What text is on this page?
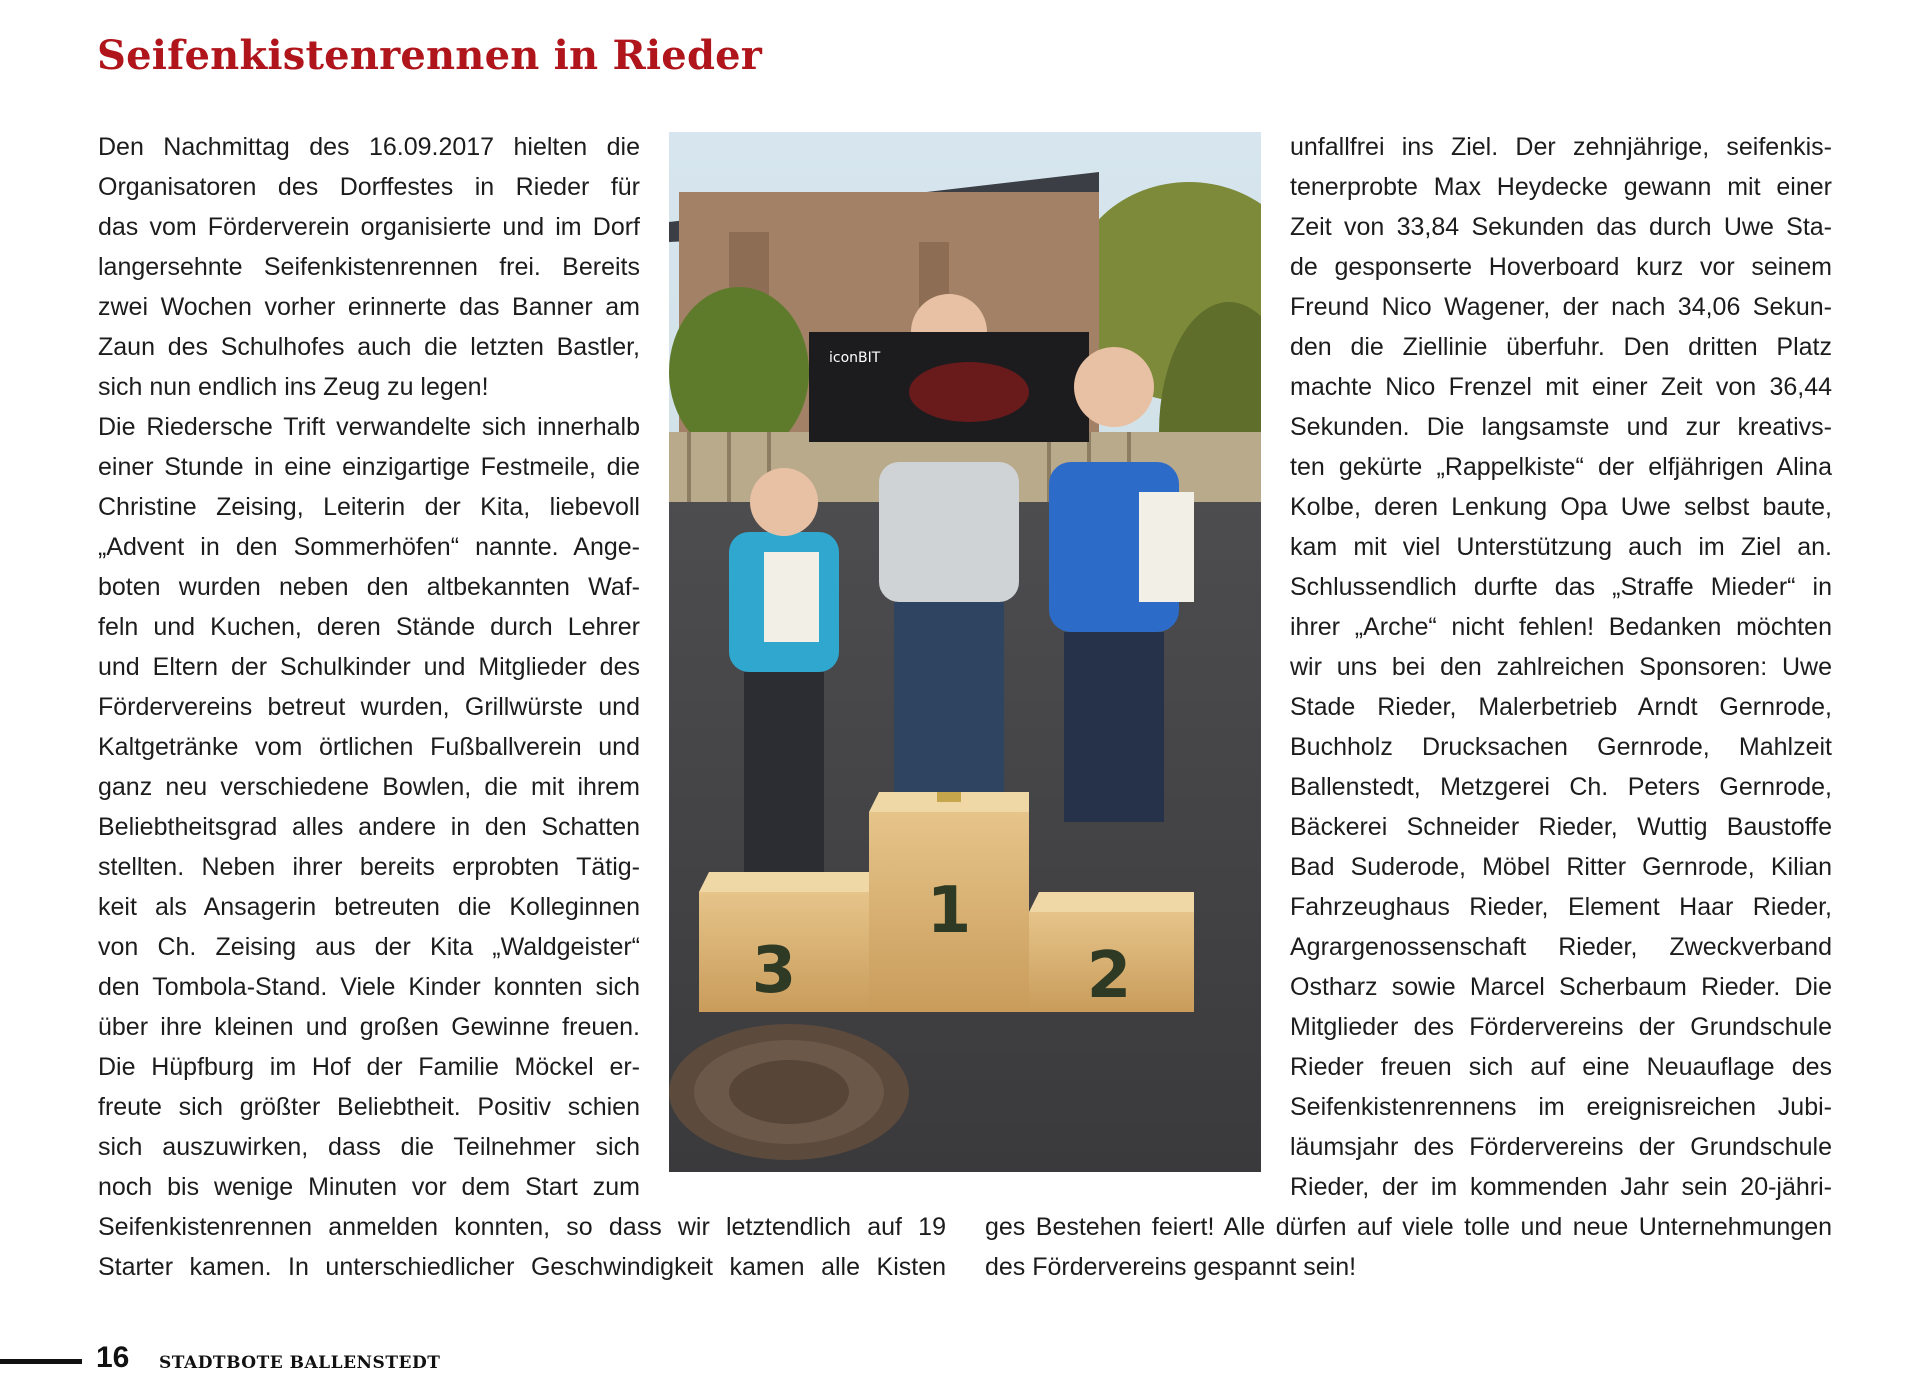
Seifenkistenrennen in Rieder
Den Nachmittag des 16.09.2017 hielten die
Organisatoren des Dorffestes in Rieder für
das vom Förderverein organisierte und im Dorf
langersehnte Seifenkistenrennen frei. Bereits
zwei Wochen vorher erinnerte das Banner am
Zaun des Schulhofes auch die letzten Bastler,
sich nun endlich ins Zeug zu legen!
Die Riedersche Trift verwandelte sich innerhalb
einer Stunde in eine einzigartige Festmeile, die
Christine Zeising, Leiterin der Kita, liebevoll
„Advent in den Sommerhöfen“ nannte. Ange-
boten wurden neben den altbekannten Waf-
feln und Kuchen, deren Stände durch Lehrer
und Eltern der Schulkinder und Mitglieder des
Fördervereins betreut wurden, Grillwürste und
Kaltgetränke vom örtlichen Fußballverein und
ganz neu verschiedene Bowlen, die mit ihrem
Beliebtheitsgrad alles andere in den Schatten
stellten. Neben ihrer bereits erprobten Tätig-
keit als Ansagerin betreuten die Kolleginnen
von Ch. Zeising aus der Kita „Waldgeister“
den Tombola-Stand. Viele Kinder konnten sich
über ihre kleinen und großen Gewinne freuen.
Die Hüpfburg im Hof der Familie Möckel er-
freute sich größter Beliebtheit. Positiv schien
sich auszuwirken, dass die Teilnehmer sich
noch bis wenige Minuten vor dem Start zum
unfallfrei ins Ziel. Der zehnjährige, seifenkis-
tenerprobte Max Heydecke gewann mit einer
Zeit von 33,84 Sekunden das durch Uwe Sta-
de gesponserte Hoverboard kurz vor seinem
Freund Nico Wagener, der nach 34,06 Sekun-
den die Ziellinie überfuhr. Den dritten Platz
machte Nico Frenzel mit einer Zeit von 36,44
Sekunden. Die langsamste und zur kreativs-
ten gekürte „Rappelkiste“ der elfjährigen Alina
Kolbe, deren Lenkung Opa Uwe selbst baute,
kam mit viel Unterstützung auch im Ziel an.
Schlussendlich durfte das „Straffe Mieder“ in
ihrer „Arche“ nicht fehlen! Bedanken möchten
wir uns bei den zahlreichen Sponsoren: Uwe
Stade Rieder, Malerbetrieb Arndt Gernrode,
Buchholz Drucksachen Gernrode, Mahlzeit
Ballenstedt, Metzgerei Ch. Peters Gernrode,
Bäckerei Schneider Rieder, Wuttig Baustoffe
Bad Suderode, Möbel Ritter Gernrode, Kilian
Fahrzeughaus Rieder, Element Haar Rieder,
Agrargenossenschaft Rieder, Zweckverband
Ostharz sowie Marcel Scherbaum Rieder. Die
Mitglieder des Fördervereins der Grundschule
Rieder freuen sich auf eine Neuauflage des
Seifenkistenrennens im ereignisreichen Jubi-
läumsjahr des Fördervereins der Grundschule
Rieder, der im kommenden Jahr sein 20-jähri-
Seifenkistenrennen anmelden konnten, so dass wir letztendlich auf 19
Starter kamen. In unterschiedlicher Geschwindigkeit kamen alle Kisten
ges Bestehen feiert! Alle dürfen auf viele tolle und neue Unternehmungen
des Fördervereins gespannt sein!
3
1
2
iconBIT
16 STADTBOTE BALLENSTEDT
